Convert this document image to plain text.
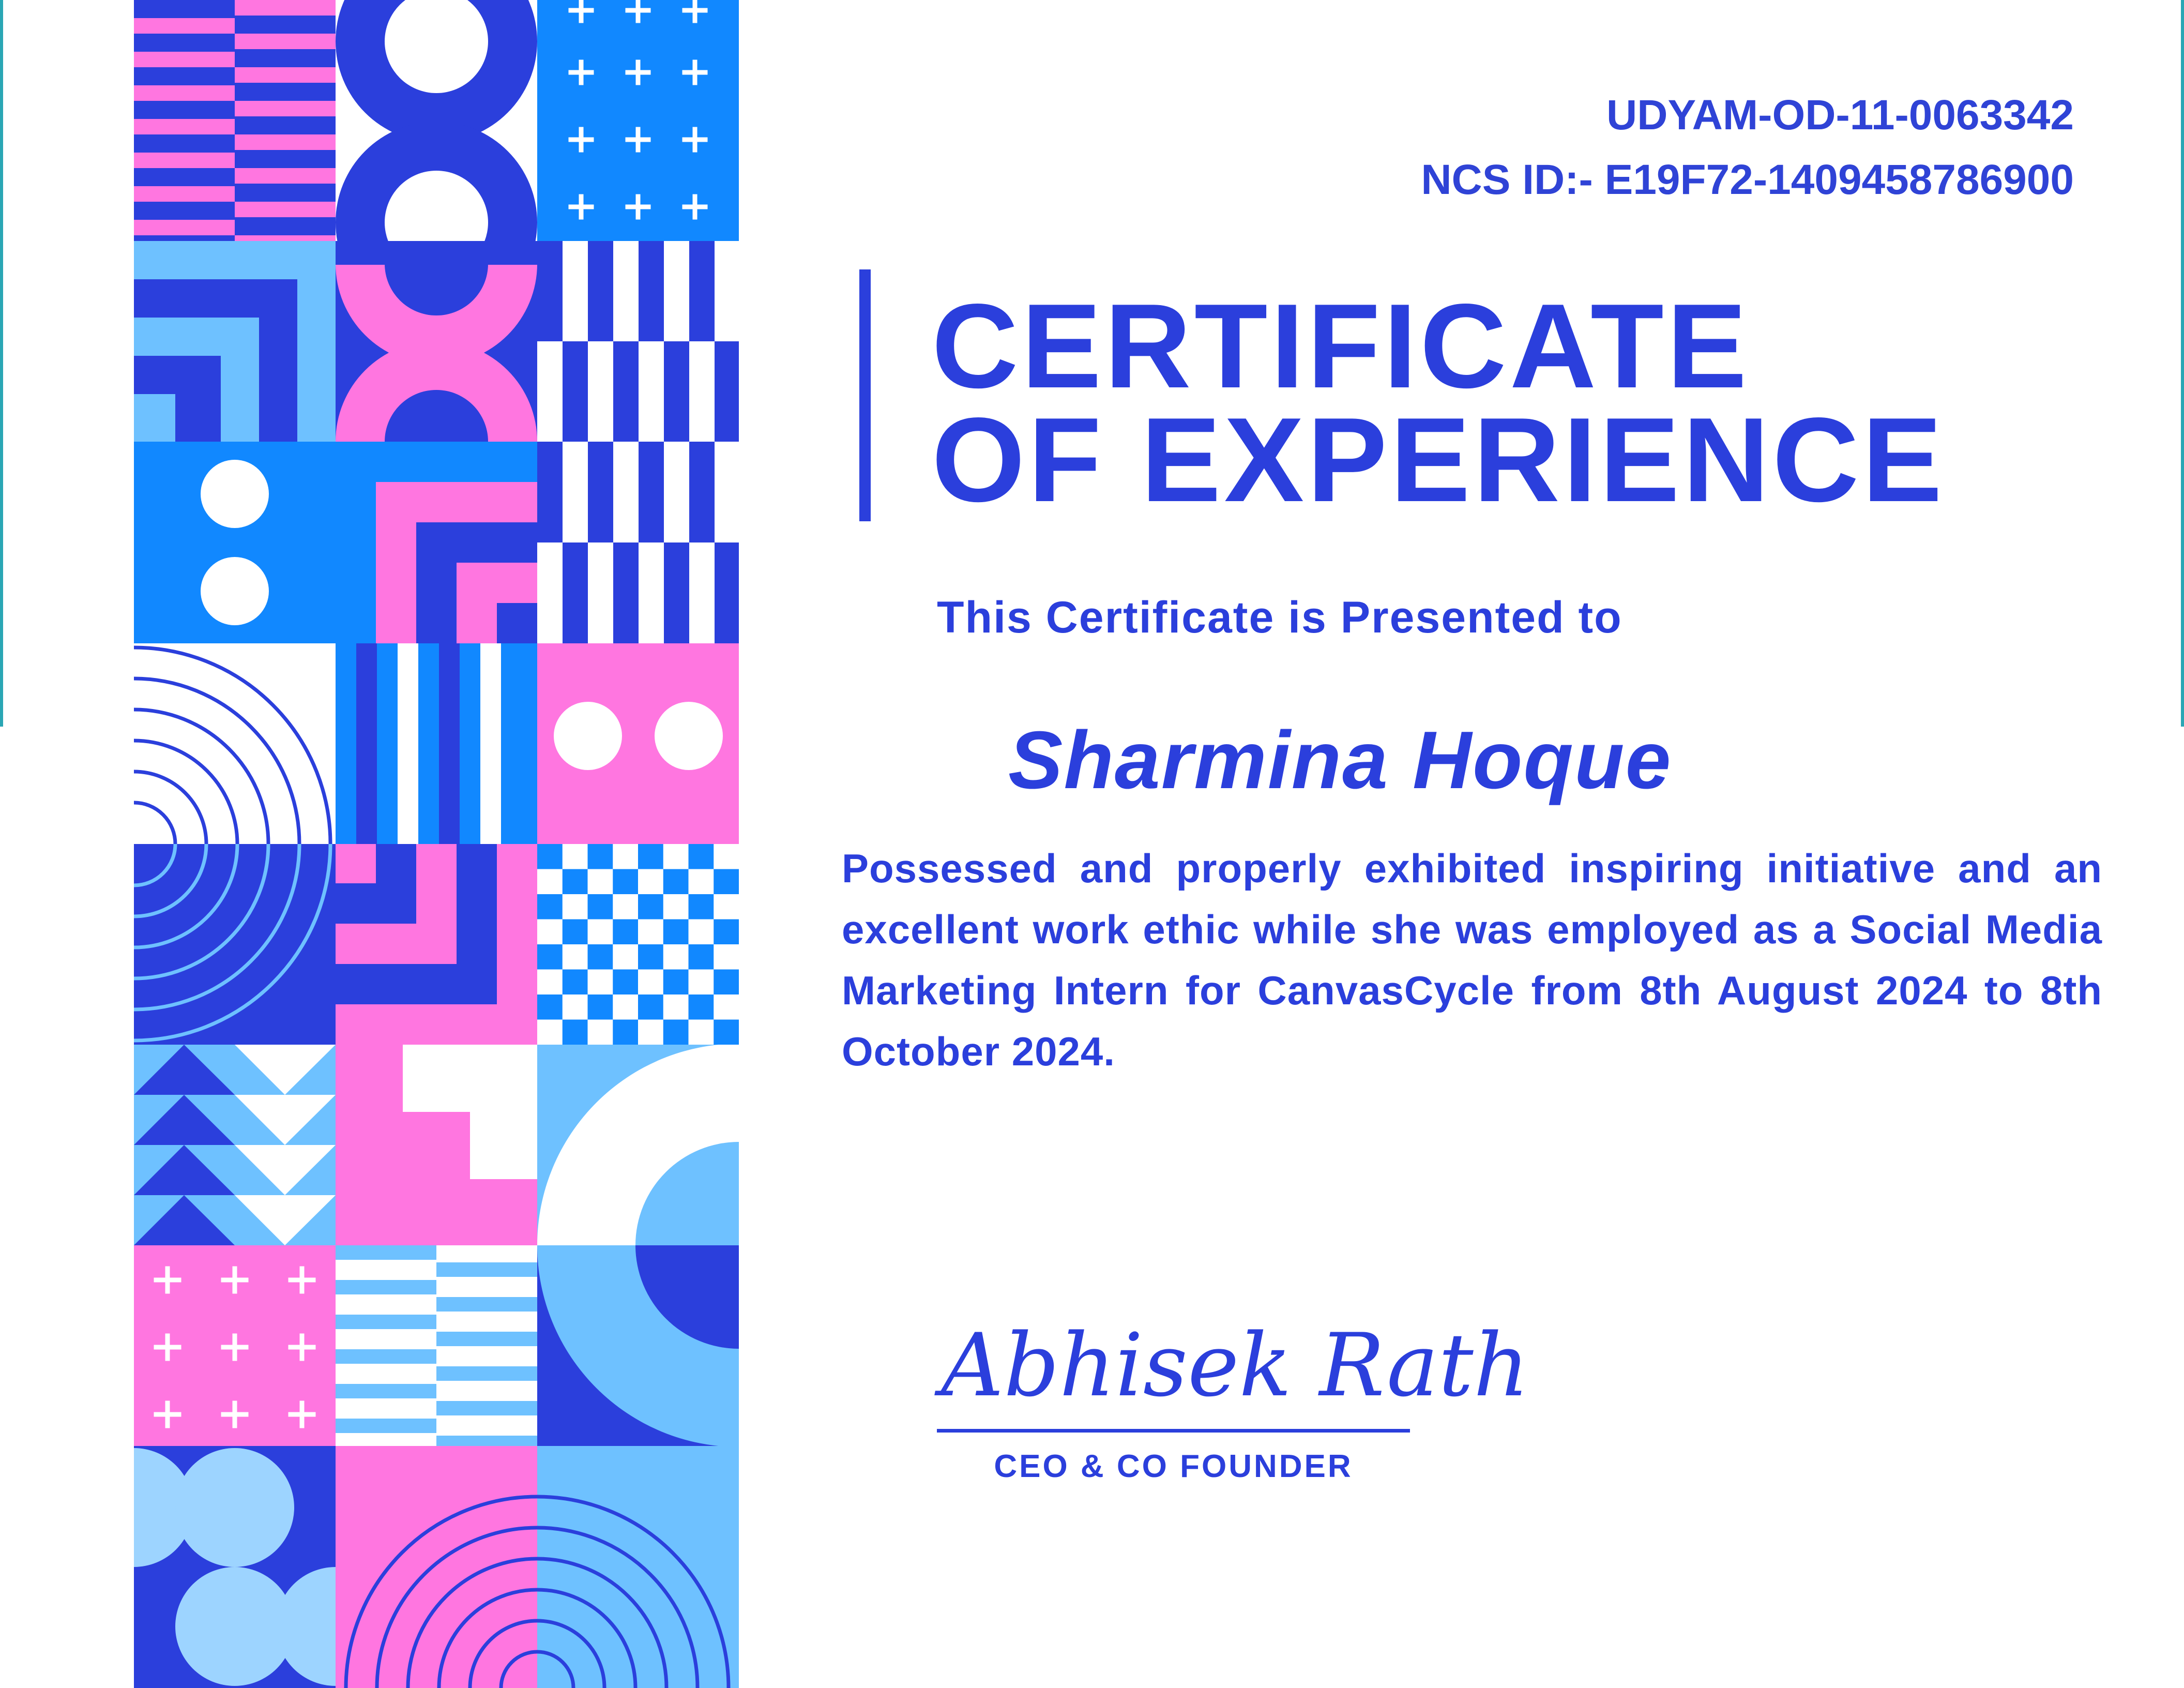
UDYAM-OD-11-0063342
NCS ID:- E19F72-1409458786900
CERTIFICATE
OF EXPERIENCE
This Certificate is Presented to
Sharmina Hoque

Possessed and properly exhibited inspiring initiative and an excellent work ethic while she was employed as a Social Media Marketing Intern for CanvasCycle from 8th August 2024 to 8th October 2024.

Abhisek Rath
CEO & CO FOUNDER
